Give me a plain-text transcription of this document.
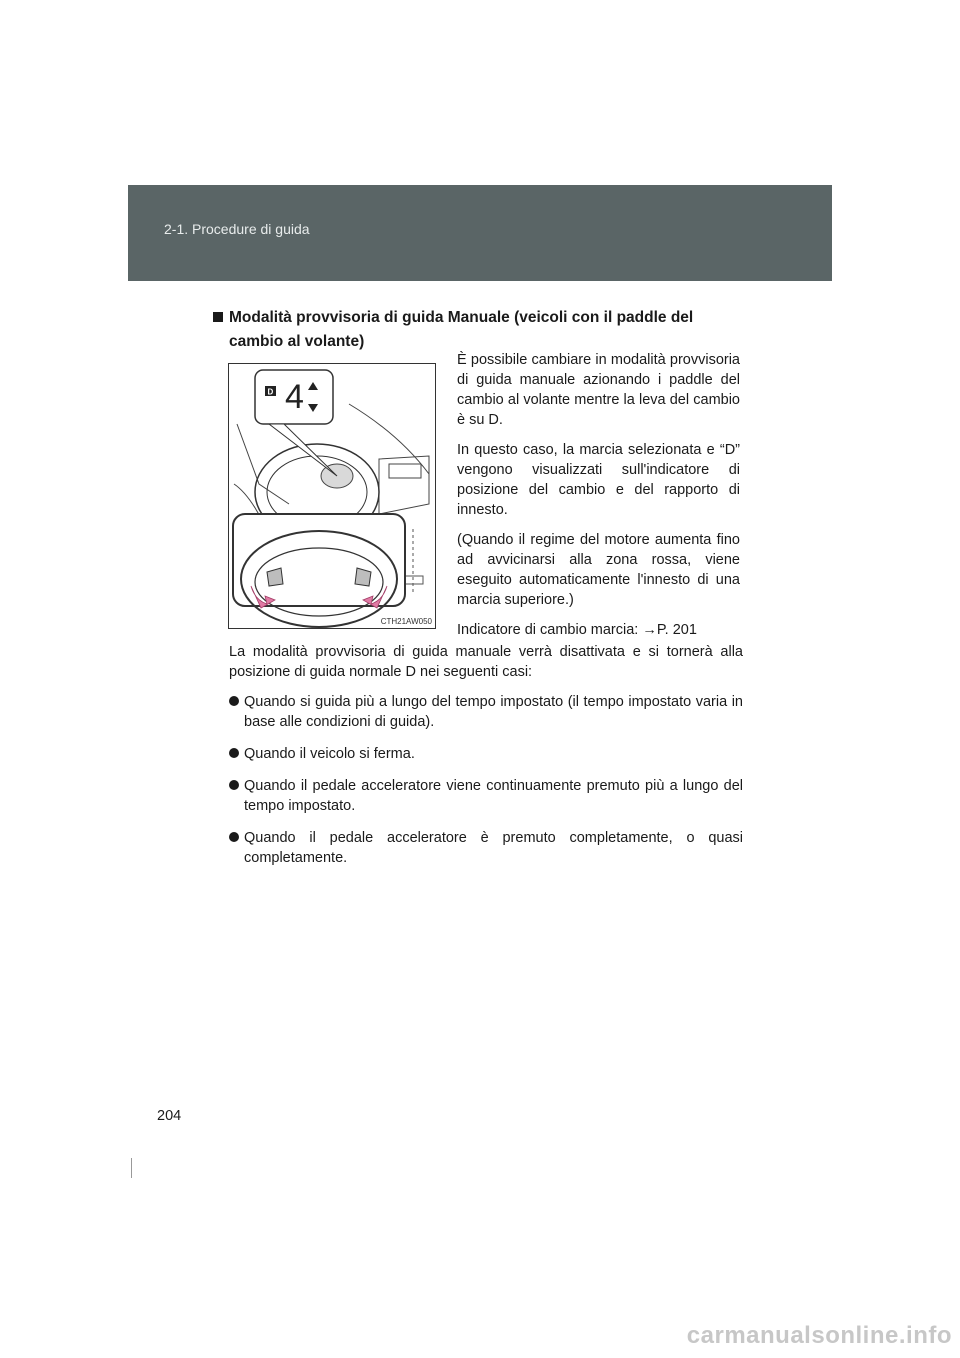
2-1. Procedure di guida
Modalità provvisoria di guida Manuale (veicoli con il paddle del cambio al volante)
D 4
CTH21AW050

È possibile cambiare in modalità provvisoria di guida manuale azionando i paddle del cambio al volante mentre la leva del cambio è su D.

In questo caso, la marcia selezionata e “D” vengono visualizzati sull'indicatore di posizione del cambio e del rapporto di innesto.

(Quando il regime del motore aumenta fino ad avvicinarsi alla zona rossa, viene eseguito automaticamente l'innesto di una marcia superiore.)

Indicatore di cambio marcia: →P. 201

La modalità provvisoria di guida manuale verrà disattivata e si tornerà alla posizione di guida normale D nei seguenti casi:

Quando si guida più a lungo del tempo impostato (il tempo impostato varia in base alle condizioni di guida).
Quando il veicolo si ferma.
Quando il pedale acceleratore viene continuamente premuto più a lungo del tempo impostato.
Quando il pedale acceleratore è premuto completamente, o quasi completamente.
204
carmanualsonline.info
